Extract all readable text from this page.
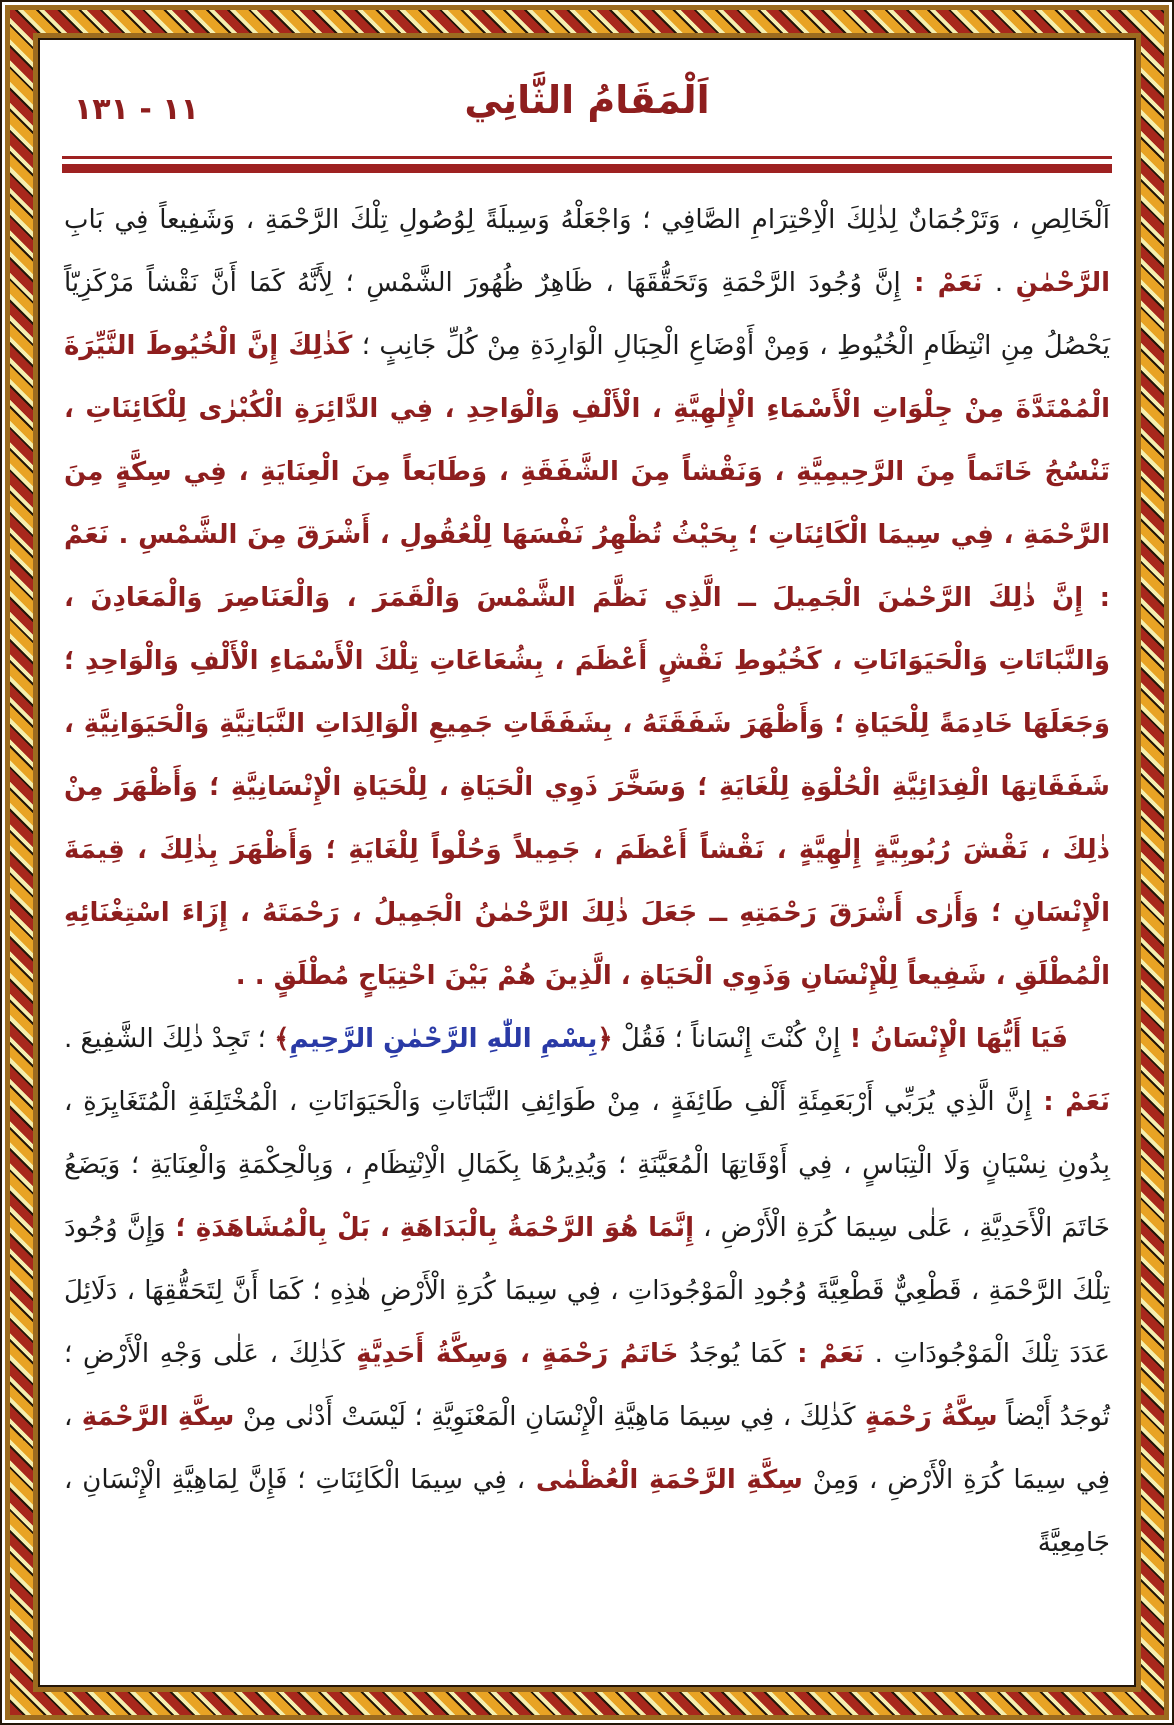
١١ - ١٣١	اَلْمَقَامُ الثَّانِي

اَلْخَالِصِ ، وَتَرْجُمَانٌ لِذٰلِكَ الْاِحْتِرَامِ الصَّافِي ؛ وَاجْعَلْهُ وَسِيلَةً لِوُصُولِ تِلْكَ الرَّحْمَةِ ، وَشَفِيعاً فِي بَابِ الرَّحْمٰنِ . نَعَمْ : إِنَّ وُجُودَ الرَّحْمَةِ وَتَحَقُّقَهَا ، ظَاهِرٌ ظُهُورَ الشَّمْسِ ؛ لِأَنَّهُ كَمَا أَنَّ نَقْشاً مَرْكَزِيّاً يَحْصُلُ مِنِ انْتِظَامِ الْخُيُوطِ ، وَمِنْ أَوْضَاعِ الْحِبَالِ الْوَارِدَةِ مِنْ كُلِّ جَانِبٍ ؛ كَذٰلِكَ إِنَّ الْخُيُوطَ النَّيِّرَةَ الْمُمْتَدَّةَ مِنْ جِلْوَاتِ الْأَسْمَاءِ الْإِلٰهِيَّةِ ، الْأَلْفِ وَالْوَاحِدِ ، فِي الدَّائِرَةِ الْكُبْرٰى لِلْكَائِنَاتِ ، تَنْسُجُ خَاتَماً مِنَ الرَّحِيمِيَّةِ ، وَنَقْشاً مِنَ الشَّفَقَةِ ، وَطَابَعاً مِنَ الْعِنَايَةِ ، فِي سِكَّةٍ مِنَ الرَّحْمَةِ ، فِي سِيمَا الْكَائِنَاتِ ؛ بِحَيْثُ تُظْهِرُ نَفْسَهَا لِلْعُقُولِ ، أَشْرَقَ مِنَ الشَّمْسِ . نَعَمْ : إِنَّ ذٰلِكَ الرَّحْمٰنَ الْجَمِيلَ ــ الَّذِي نَظَّمَ الشَّمْسَ وَالْقَمَرَ ، وَالْعَنَاصِرَ وَالْمَعَادِنَ ، وَالنَّبَاتَاتِ وَالْحَيَوَانَاتِ ، كَخُيُوطِ نَقْشٍ أَعْظَمَ ، بِشُعَاعَاتِ تِلْكَ الْأَسْمَاءِ الْأَلْفِ وَالْوَاحِدِ ؛ وَجَعَلَهَا خَادِمَةً لِلْحَيَاةِ ؛ وَأَظْهَرَ شَفَقَتَهُ ، بِشَفَقَاتِ جَمِيعِ الْوَالِدَاتِ النَّبَاتِيَّةِ وَالْحَيَوَانِيَّةِ ، شَفَقَاتِهَا الْفِدَائِيَّةِ الْحُلْوَةِ لِلْغَايَةِ ؛ وَسَخَّرَ ذَوِي الْحَيَاةِ ، لِلْحَيَاةِ الْإِنْسَانِيَّةِ ؛ وَأَظْهَرَ مِنْ ذٰلِكَ ، نَقْشَ رُبُوبِيَّةٍ إِلٰهِيَّةٍ ، نَقْشاً أَعْظَمَ ، جَمِيلاً وَحُلْواً لِلْغَايَةِ ؛ وَأَظْهَرَ بِذٰلِكَ ، قِيمَةَ الْإِنْسَانِ ؛ وَأَرٰى أَشْرَقَ رَحْمَتِهِ ــ جَعَلَ ذٰلِكَ الرَّحْمٰنُ الْجَمِيلُ ، رَحْمَتَهُ ، إِزَاءَ اسْتِغْنَائِهِ الْمُطْلَقِ ، شَفِيعاً لِلْإِنْسَانِ وَذَوِي الْحَيَاةِ ، الَّذِينَ هُمْ بَيْنَ احْتِيَاجٍ مُطْلَقٍ . .

فَيَا أَيُّهَا الْإِنْسَانُ ! إِنْ كُنْتَ إِنْسَاناً ؛ فَقُلْ ﴿بِسْمِ اللّٰهِ الرَّحْمٰنِ الرَّحِيمِ﴾ ؛ تَجِدْ ذٰلِكَ الشَّفِيعَ . نَعَمْ : إِنَّ الَّذِي يُرَبِّي أَرْبَعَمِئَةِ أَلْفِ طَائِفَةٍ ، مِنْ طَوَائِفِ النَّبَاتَاتِ وَالْحَيَوَانَاتِ ، الْمُخْتَلِفَةِ الْمُتَغَايِرَةِ ، بِدُونِ نِسْيَانٍ وَلَا الْتِبَاسٍ ، فِي أَوْقَاتِهَا الْمُعَيَّنَةِ ؛ وَيُدِيرُهَا بِكَمَالِ الْاِنْتِظَامِ ، وَبِالْحِكْمَةِ وَالْعِنَايَةِ ؛ وَيَضَعُ خَاتَمَ الْأَحَدِيَّةِ ، عَلٰى سِيمَا كُرَةِ الْأَرْضِ ، إِنَّمَا هُوَ الرَّحْمَةُ بِالْبَدَاهَةِ ، بَلْ بِالْمُشَاهَدَةِ ؛ وَإِنَّ وُجُودَ تِلْكَ الرَّحْمَةِ ، قَطْعِيٌّ قَطْعِيَّةَ وُجُودِ الْمَوْجُودَاتِ ، فِي سِيمَا كُرَةِ الْأَرْضِ هٰذِهِ ؛ كَمَا أَنَّ لِتَحَقُّقِهَا ، دَلَائِلَ عَدَدَ تِلْكَ الْمَوْجُودَاتِ . نَعَمْ : كَمَا يُوجَدُ خَاتَمُ رَحْمَةٍ ، وَسِكَّةُ أَحَدِيَّةٍ كَذٰلِكَ ، عَلٰى وَجْهِ الْأَرْضِ ؛ تُوجَدُ أَيْضاً سِكَّةُ رَحْمَةٍ كَذٰلِكَ ، فِي سِيمَا مَاهِيَّةِ الْإِنْسَانِ الْمَعْنَوِيَّةِ ؛ لَيْسَتْ أَدْنٰى مِنْ سِكَّةِ الرَّحْمَةِ ، فِي سِيمَا كُرَةِ الْأَرْضِ ، وَمِنْ سِكَّةِ الرَّحْمَةِ الْعُظْمٰى ، فِي سِيمَا الْكَائِنَاتِ ؛ فَإِنَّ لِمَاهِيَّةِ الْإِنْسَانِ ، جَامِعِيَّةً
